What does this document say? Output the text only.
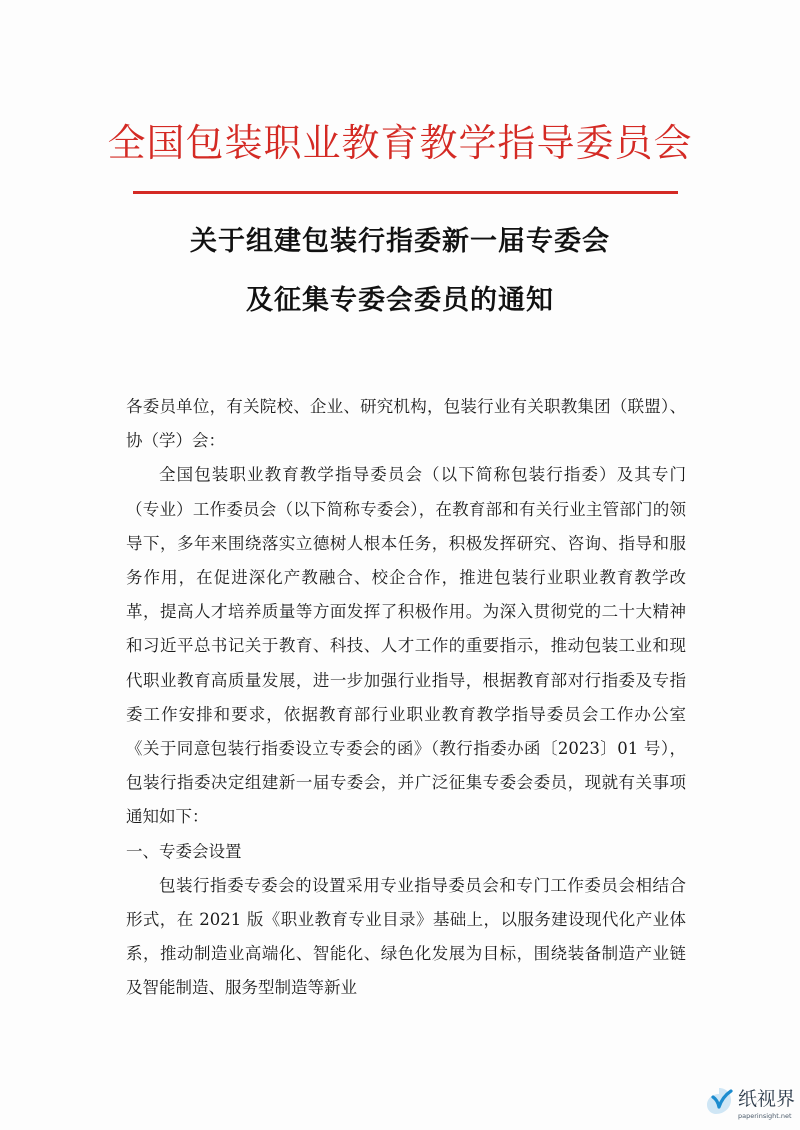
全国包装职业教育教学指导委员会
关于组建包装行指委新一届专委会
及征集专委会委员的通知

各委员单位，有关院校、企业、研究机构，包装行业有关职教集团（联盟）、协（学）会：

全国包装职业教育教学指导委员会（以下简称包装行指委）及其专门（专业）工作委员会（以下简称专委会），在教育部和有关行业主管部门的领导下，多年来围绕落实立德树人根本任务，积极发挥研究、咨询、指导和服务作用，在促进深化产教融合、校企合作，推进包装行业职业教育教学改革，提高人才培养质量等方面发挥了积极作用。为深入贯彻党的二十大精神和习近平总书记关于教育、科技、人才工作的重要指示，推动包装工业和现代职业教育高质量发展，进一步加强行业指导，根据教育部对行指委及专指委工作安排和要求，依据教育部行业职业教育教学指导委员会工作办公室《关于同意包装行指委设立专委会的函》（教行指委办函〔2023〕01 号），包装行指委决定组建新一届专委会，并广泛征集专委会委员，现就有关事项通知如下：

一、专委会设置

包装行指委专委会的设置采用专业指导委员会和专门工作委员会相结合形式，在 2021 版《职业教育专业目录》基础上，以服务建设现代化产业体系，推动制造业高端化、智能化、绿色化发展为目标，围绕装备制造产业链及智能制造、服务型制造等新业

纸视界
paperinsight.net
